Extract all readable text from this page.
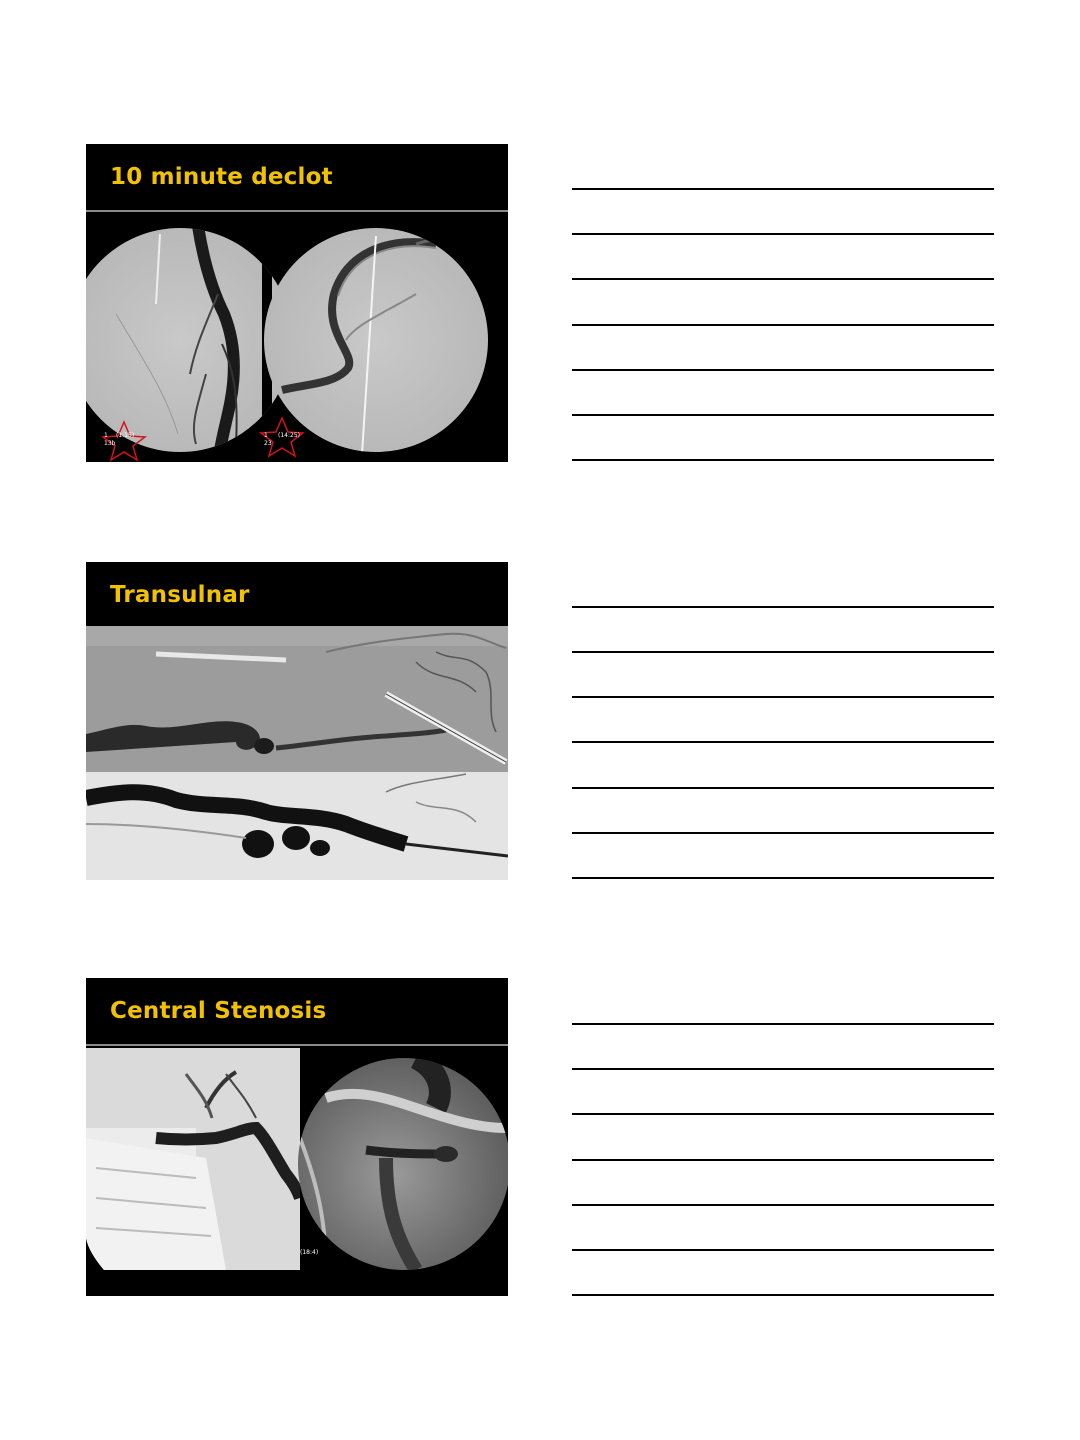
10 minute declot
1 (1:15)
13b
1 (14:25)
23
Transulnar
Central Stenosis
(18:4)
